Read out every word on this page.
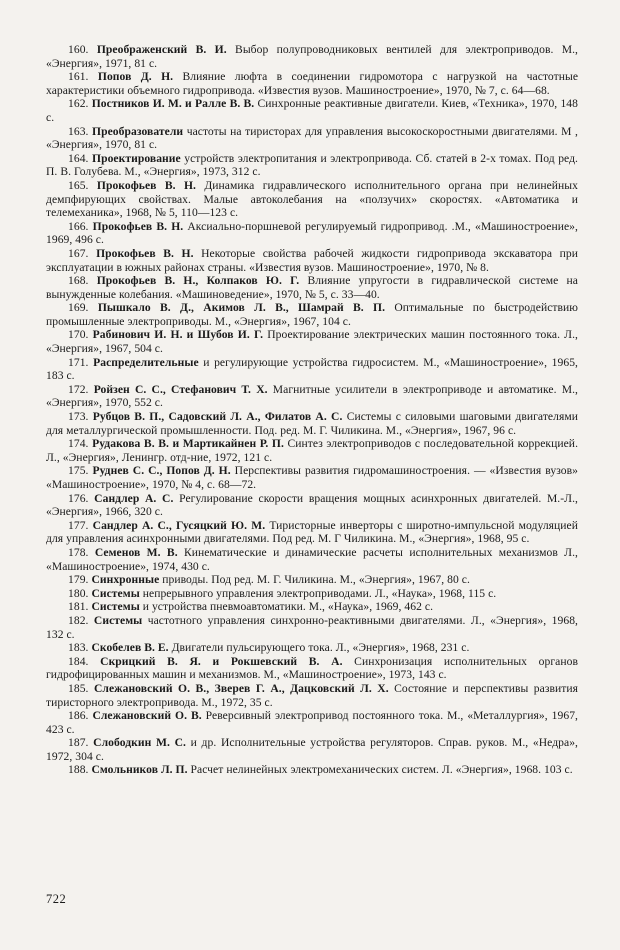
160. Преображенский В. И. Выбор полупроводниковых вентилей для электроприводов. М., «Энергия», 1971, 81 с.
161. Попов Д. Н. Влияние люфта в соединении гидромотора с нагрузкой на частотные характеристики объемного гидропривода. «Известия вузов. Машиностроение», 1970, № 7, с. 64—68.
162. Постников И. М. и Ралле В. В. Синхронные реактивные двигатели. Киев, «Техника», 1970, 148 с.
163. Преобразователи частоты на тиристорах для управления высокоскоростными двигателями. М , «Энергия», 1970, 81 с.
164. Проектирование устройств электропитания и электропривода. Сб. статей в 2-х томах. Под ред. П. В. Голубева. М., «Энергия», 1973, 312 с.
165. Прокофьев В. Н. Динамика гидравлического исполнительного органа при нелинейных демпфирующих свойствах. Малые автоколебания на «ползучих» скоростях. «Автоматика и телемеханика», 1968, № 5, 110—123 с.
166. Прокофьев В. Н. Аксиально-поршневой регулируемый гидропривод. .М., «Машиностроение», 1969, 496 с.
167. Прокофьев В. Н. Некоторые свойства рабочей жидкости гидропривода экскаватора при эксплуатации в южных районах страны. «Известия вузов. Машиностроение», 1970, № 8.
168. Прокофьев В. Н., Колпаков Ю. Г. Влияние упругости в гидравлической системе на вынужденные колебания. «Машиноведение», 1970, № 5, с. 33—40.
169. Пышкало В. Д., Акимов Л. В., Шамрай В. П. Оптимальные по быстродействию промышленные электроприводы. М., «Энергия», 1967, 104 с.
170. Рабинович И. Н. и Шубов И. Г. Проектирование электрических машин постоянного тока. Л., «Энергия», 1967, 504 с.
171. Распределительные и регулирующие устройства гидросистем. М., «Машиностроение», 1965, 183 с.
172. Ройзен С. С., Стефанович Т. Х. Магнитные усилители в электроприводе и автоматике. М., «Энергия», 1970, 552 с.
173. Рубцов В. П., Садовский Л. А., Филатов А. С. Системы с силовыми шаговыми двигателями для металлургической промышленности. Под. ред. М. Г. Чиликина. М., «Энергия», 1967, 96 с.
174. Рудакова В. В. и Мартикайнен Р. П. Синтез электроприводов с последовательной коррекцией. Л., «Энергия», Ленингр. отд-ние, 1972, 121 с.
175. Руднев С. С., Попов Д. Н. Перспективы развития гидромашиностроения. — «Известия вузов» «Машиностроение», 1970, № 4, с. 68—72.
176. Сандлер А. С. Регулирование скорости вращения мощных асинхронных двигателей. М.-Л., «Энергия», 1966, 320 с.
177. Сандлер А. С., Гусяцкий Ю. М. Тиристорные инверторы с широтно-импульсной модуляцией для управления асинхронными двигателями. Под ред. М. Г Чиликина. М., «Энергия», 1968, 95 с.
178. Семенов М. В. Кинематические и динамические расчеты исполнительных механизмов Л., «Машиностроение», 1974, 430 с.
179. Синхронные приводы. Под ред. М. Г. Чиликина. М., «Энергия», 1967, 80 с.
180. Системы непрерывного управления электроприводами. Л., «Наука», 1968, 115 с.
181. Системы и устройства пневмоавтоматики. М., «Наука», 1969, 462 с.
182. Системы частотного управления синхронно-реактивными двигателями. Л., «Энергия», 1968, 132 с.
183. Скобелев В. Е. Двигатели пульсирующего тока. Л., «Энергия», 1968, 231 с.
184. Скрицкий В. Я. и Рокшевский В. А. Синхронизация исполнительных органов гидрофицированных машин и механизмов. М., «Машиностроение», 1973, 143 с.
185. Слежановский О. В., Зверев Г. А., Дацковский Л. Х. Состояние и перспективы развития тиристорного электропривода. М., 1972, 35 с.
186. Слежановский О. В. Реверсивный электропривод постоянного тока. М., «Металлургия», 1967, 423 с.
187. Слободкин М. С. и др. Исполнительные устройства регуляторов. Справ. руков. М., «Недра», 1972, 304 с.
188. Смольников Л. П. Расчет нелинейных электромеханических систем. Л. «Энергия», 1968. 103 с.
722
